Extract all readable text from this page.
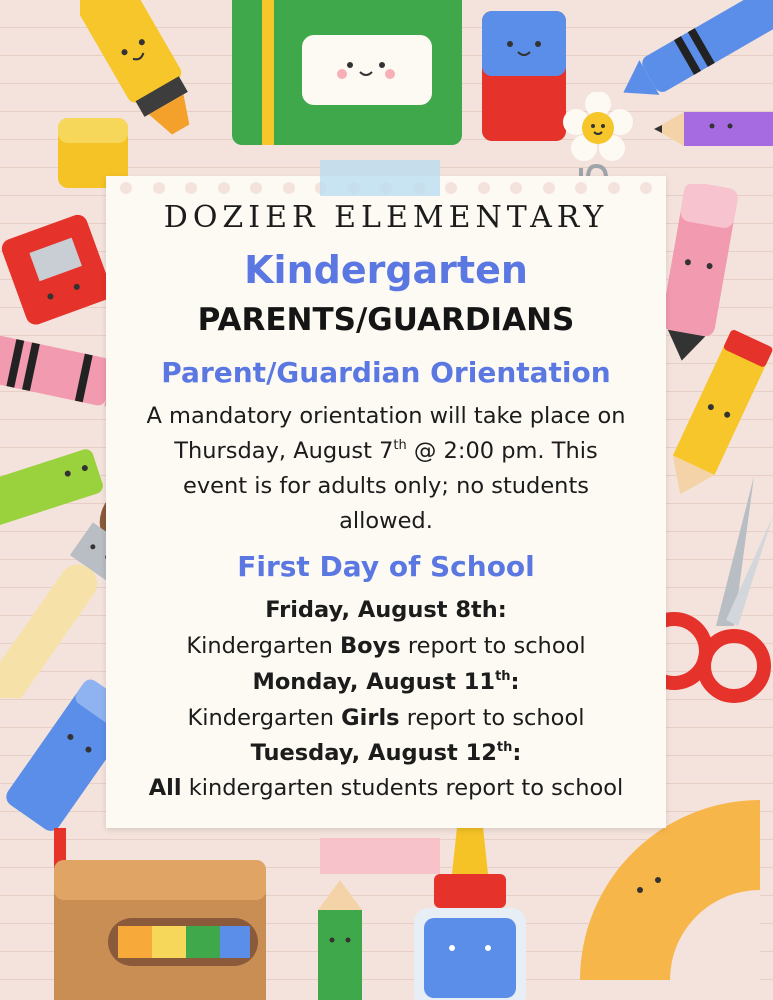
DOZIER ELEMENTARY
Kindergarten
PARENTS/GUARDIANS
Parent/Guardian Orientation
A mandatory orientation will take place on
Thursday, August 7th @ 2:00 pm. This
event is for adults only; no students
allowed.
First Day of School
Friday, August 8th:
Kindergarten Boys report to school
Monday, August 11th:
Kindergarten Girls report to school
Tuesday, August 12th:
All kindergarten students report to school
